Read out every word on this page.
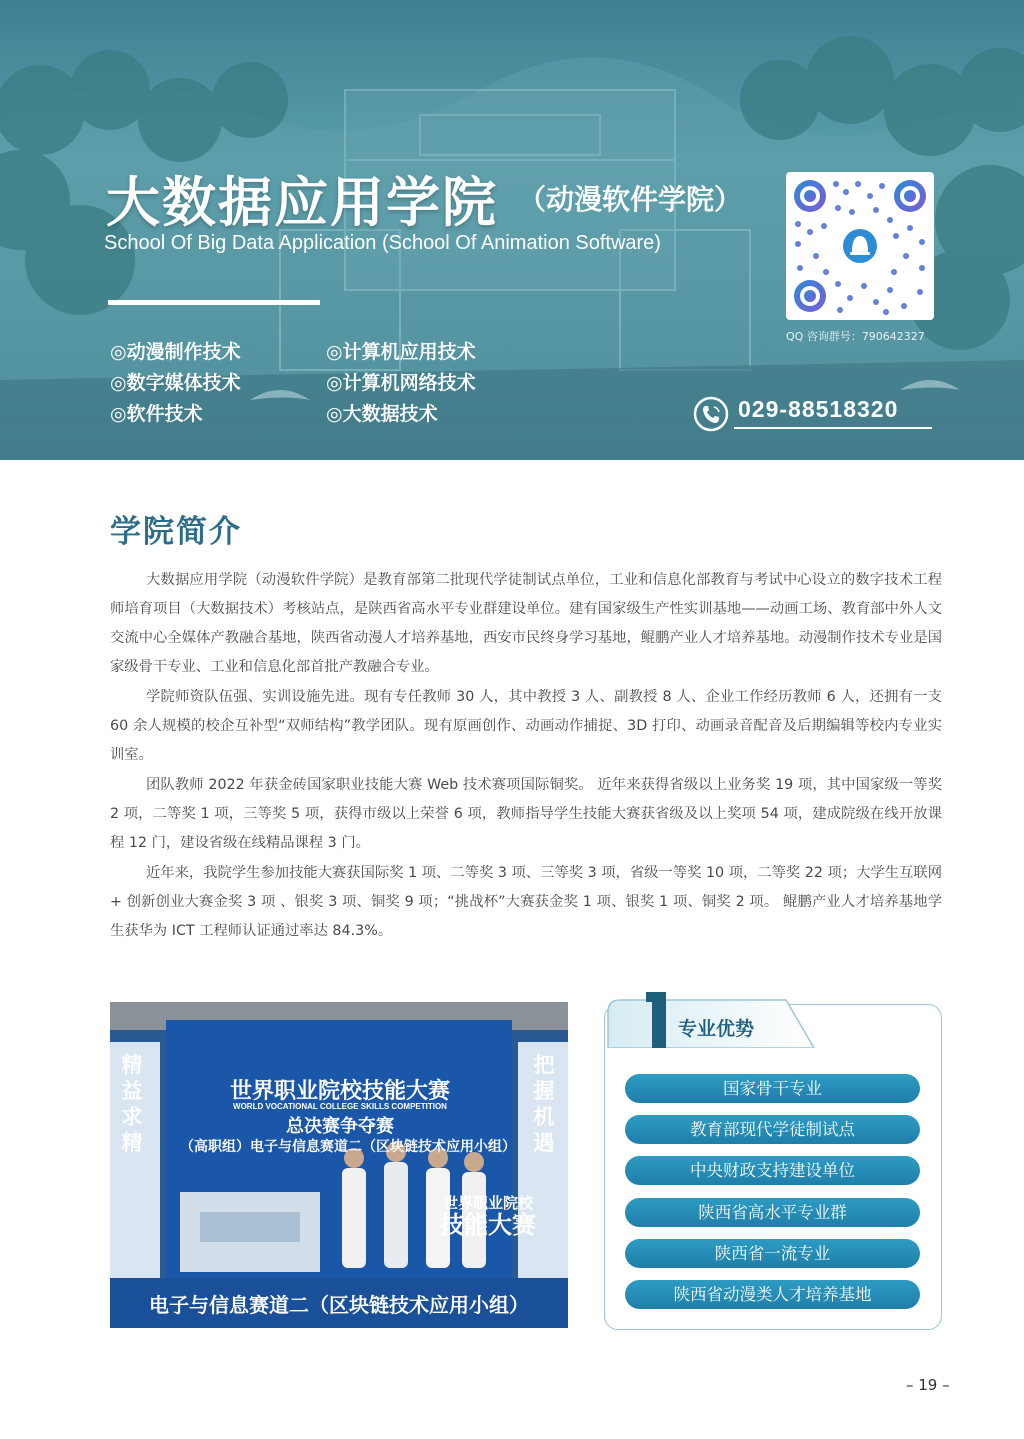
大数据应用学院 （动漫软件学院）
School Of Big Data Application (School Of Animation Software)
◎动漫制作技术	◎计算机应用技术
◎数字媒体技术	◎计算机网络技术
◎软件技术	◎大数据技术
QQ 咨询群号：790642327
029-88518320
学院简介

大数据应用学院（动漫软件学院）是教育部第二批现代学徒制试点单位，工业和信息化部教育与考试中心设立的数字技术工程师培育项目（大数据技术）考核站点，是陕西省高水平专业群建设单位。建有国家级生产性实训基地——动画工场、教育部中外人文交流中心全媒体产教融合基地，陕西省动漫人才培养基地，西安市民终身学习基地，鲲鹏产业人才培养基地。动漫制作技术专业是国家级骨干专业、工业和信息化部首批产教融合专业。

学院师资队伍强、实训设施先进。现有专任教师 30 人，其中教授 3 人、副教授 8 人、企业工作经历教师 6 人，还拥有一支 60 余人规模的校企互补型“双师结构”教学团队。现有原画创作、动画动作捕捉、3D 打印、动画录音配音及后期编辑等校内专业实训室。

团队教师 2022 年获金砖国家职业技能大赛 Web 技术赛项国际铜奖。 近年来获得省级以上业务奖 19 项，其中国家级一等奖 2 项，二等奖 1 项，三等奖 5 项，获得市级以上荣誉 6 项，教师指导学生技能大赛获省级及以上奖项 54 项，建成院级在线开放课程 12 门，建设省级在线精品课程 3 门。

近年来，我院学生参加技能大赛获国际奖 1 项、二等奖 3 项、三等奖 3 项，省级一等奖 10 项，二等奖 22 项；大学生互联网 + 创新创业大赛金奖 3 项 、银奖 3 项、铜奖 9 项；“挑战杯”大赛获金奖 1 项、银奖 1 项、铜奖 2 项。 鲲鹏产业人才培养基地学生获华为 ICT 工程师认证通过率达 84.3%。

精益求精
把握机遇
世界职业院校技能大赛
WORLD VOCATIONAL COLLEGE SKILLS COMPETITION
总决赛争夺赛
（高职组）电子与信息赛道二（区块链技术应用小组）
世界职业院校
技能大赛
电子与信息赛道二（区块链技术应用小组）
专业优势
国家骨干专业
教育部现代学徒制试点
中央财政支持建设单位
陕西省高水平专业群
陕西省一流专业
陕西省动漫类人才培养基地
– 19 –
